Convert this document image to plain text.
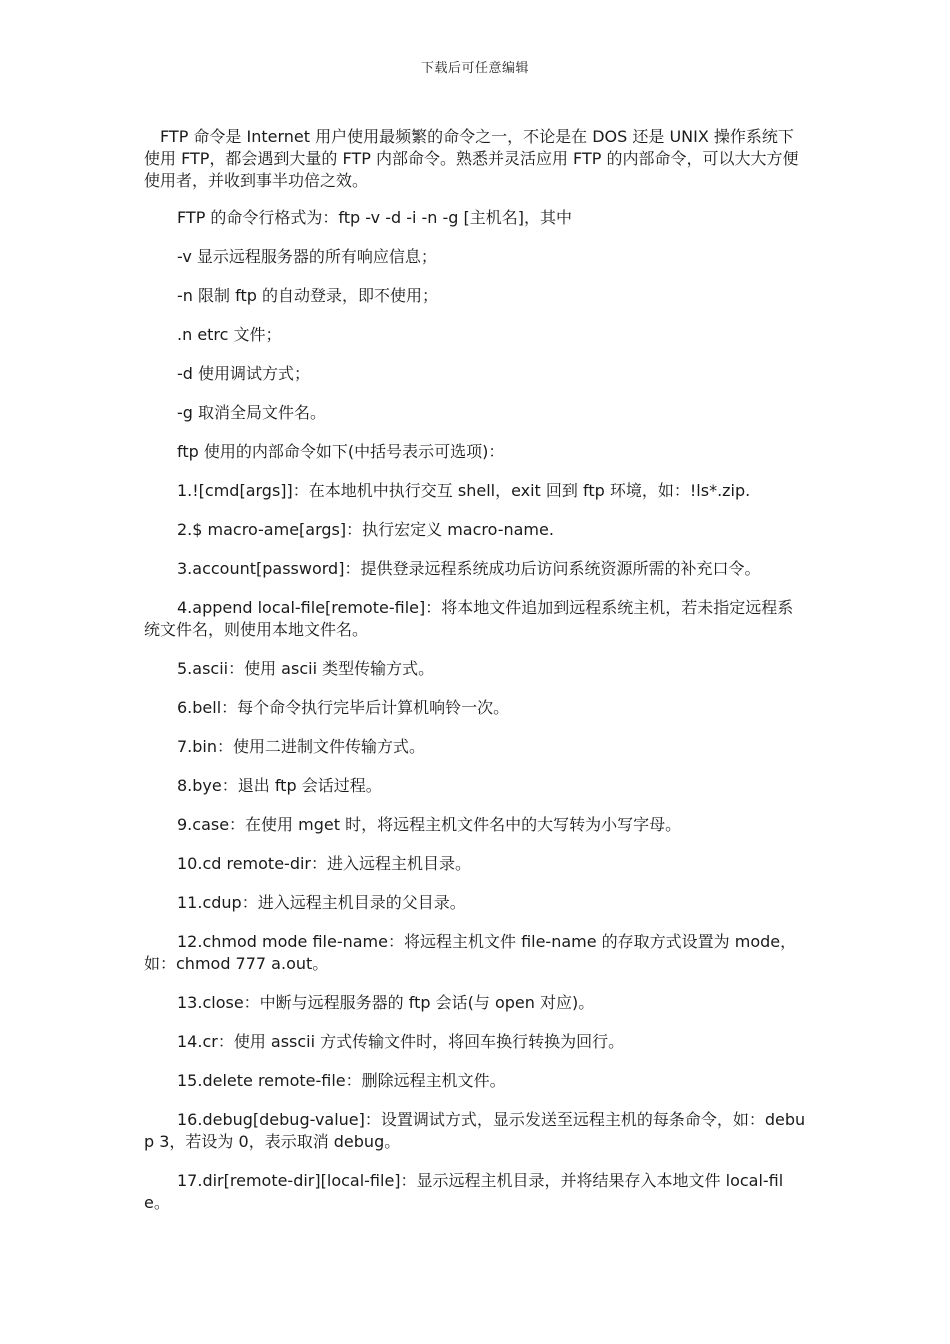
下载后可任意编辑

FTP 命令是 Internet 用户使用最频繁的命令之一，不论是在 DOS 还是 UNIX 操作系统下使用 FTP，都会遇到大量的 FTP 内部命令。熟悉并灵活应用 FTP 的内部命令，可以大大方便使用者，并收到事半功倍之效。

FTP 的命令行格式为：ftp -v -d -i -n -g [主机名]，其中

-v 显示远程服务器的所有响应信息；

-n 限制 ftp 的自动登录，即不使用；

.n etrc 文件；

-d 使用调试方式；

-g 取消全局文件名。

ftp 使用的内部命令如下(中括号表示可选项)：

1.![cmd[args]]：在本地机中执行交互 shell，exit 回到 ftp 环境，如：!ls*.zip.

2.$ macro-ame[args]：执行宏定义 macro-name.

3.account[password]：提供登录远程系统成功后访问系统资源所需的补充口令。

4.append local-file[remote-file]：将本地文件追加到远程系统主机，若未指定远程系统文件名，则使用本地文件名。

5.ascii：使用 ascii 类型传输方式。

6.bell：每个命令执行完毕后计算机响铃一次。

7.bin：使用二进制文件传输方式。

8.bye：退出 ftp 会话过程。

9.case：在使用 mget 时，将远程主机文件名中的大写转为小写字母。

10.cd remote-dir：进入远程主机目录。

11.cdup：进入远程主机目录的父目录。

12.chmod mode file-name：将远程主机文件 file-name 的存取方式设置为 mode，如：chmod 777 a.out。

13.close：中断与远程服务器的 ftp 会话(与 open 对应)。

14.cr：使用 asscii 方式传输文件时，将回车换行转换为回行。

15.delete remote-file：删除远程主机文件。

16.debug[debug-value]：设置调试方式，显示发送至远程主机的每条命令，如：debup 3，若设为 0，表示取消 debug。

17.dir[remote-dir][local-file]：显示远程主机目录，并将结果存入本地文件 local-file。
